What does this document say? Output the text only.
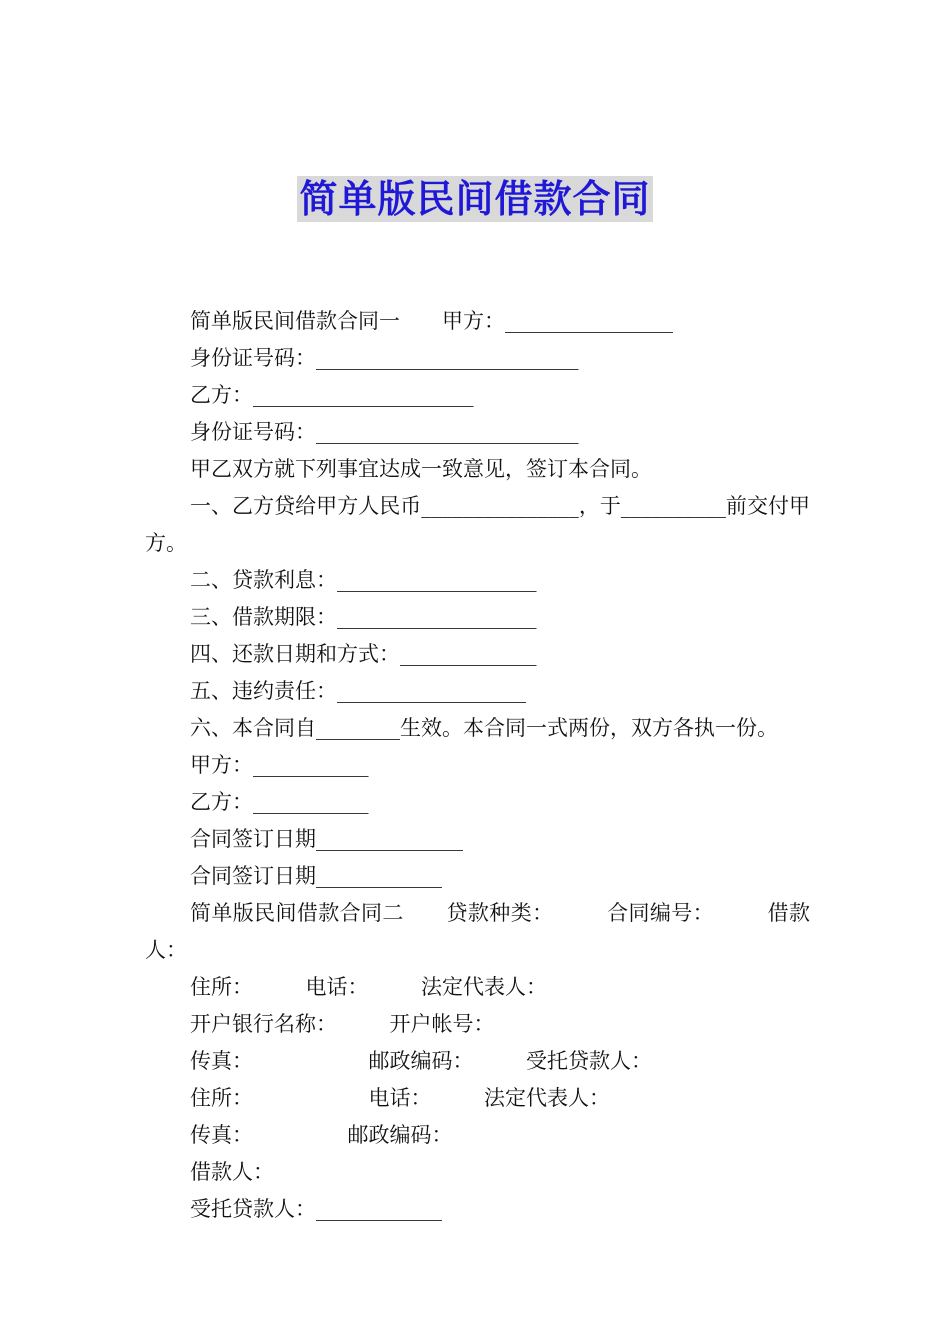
简单版民间借款合同
简单版民间借款合同一　　甲方：________________
身份证号码：_________________________
乙方：_____________________
身份证号码：_________________________
甲乙双方就下列事宜达成一致意见，签订本合同。
一、乙方贷给甲方人民币_______________，于__________前交付甲方。
二、贷款利息：___________________
三、借款期限：___________________
四、还款日期和方式：_____________
五、违约责任：__________________
六、本合同自________生效。本合同一式两份，双方各执一份。
甲方：___________
乙方：___________
合同签订日期______________
合同签订日期____________
简单版民间借款合同二　　贷款种类：　　　合同编号：　　　借款人：
住所：　　　电话：　　　法定代表人：
开户银行名称：　　　开户帐号：
传真：　　　　　　邮政编码：　　　受托贷款人：
住所：　　　　　　电话：　　　法定代表人：
传真：　　　　　邮政编码：
借款人：
受托贷款人：____________
